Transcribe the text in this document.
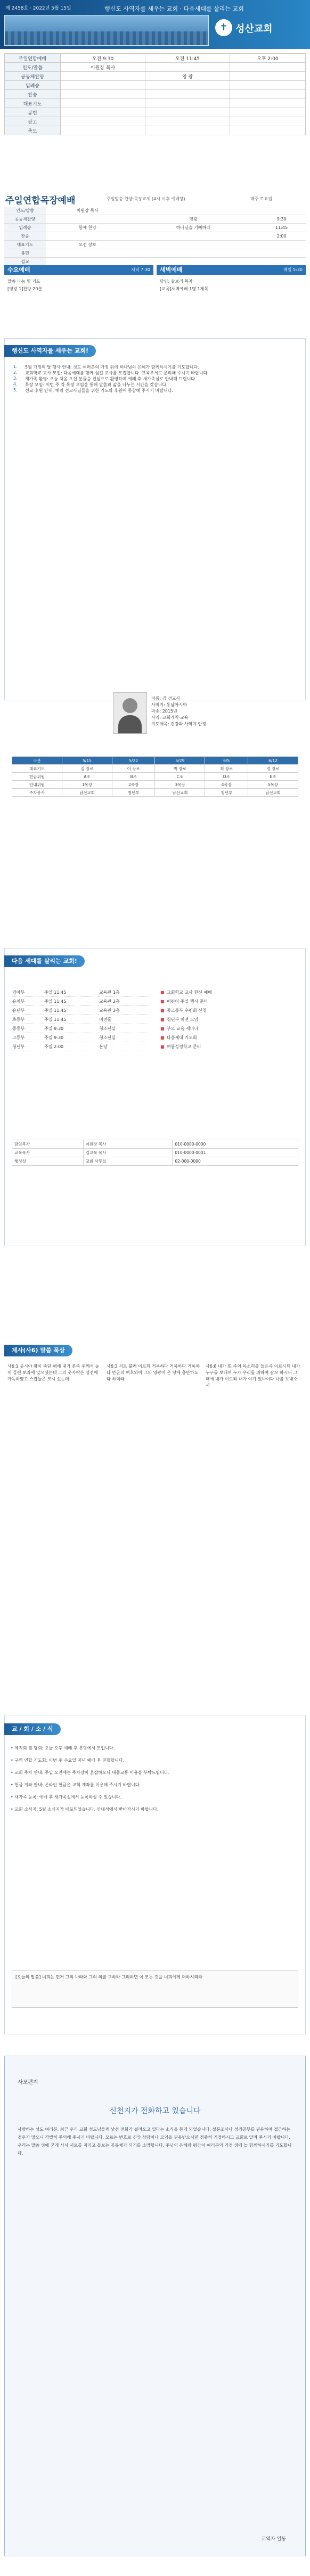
제 2458호 · 2022년 5월 15일	행신도 사역자를 세우는 교회 · 다음세대를 살리는 교회
✝ 성산교회
주일연합예배	오전 9:30	오전 11:45	오후 2:00
인도/말씀	이원장 목사		
공동체찬양		영 광	
입례송			
찬송			
대표기도			
봉헌			
광고			
축도			
주일연합목장예배	주일말씀·찬양·목장교제 (4시 이후 예배당)	매주 토요일
인도/말씀	이원장 목사		
공동체찬양		영광	9:30
입례송	함께 찬양	하나님을 기뻐하라	11:45
찬송			2:00
대표기도	오전 장로		
봉헌			
설교			
수요예배	저녁 7:30
말씀 나눔 및 기도
[영광 1]찬양 20분
새벽예배	매일 5:30
담임: 갈보리 목자
[교육]새벽예배 1명 1제목
행신도 사역자를 세우는 교회!
1.	5월 가정의 달 행사 안내: 성도 여러분의 가정 위에 하나님의 은혜가 함께하시기를 기도합니다.
2.	교회학교 교사 모집: 다음세대를 함께 섬길 교사를 모집합니다. 교육부서로 문의해 주시기 바랍니다.
3.	새가족 환영: 오늘 처음 오신 분들을 진심으로 환영하며 예배 후 새가족실로 안내해 드립니다.
4.	목장 모임: 이번 주 각 목장 모임을 통해 말씀과 삶을 나누는 시간을 갖습니다.
5.	선교 후원 안내: 해외 선교사님들을 위한 기도와 후원에 동참해 주시기 바랍니다.
이름: 김 선교사
사역지: 동남아시아
파송: 2015년
사역: 교회개척·교육
기도제목: 건강과 사역지 안정
구분	5/15	5/22	5/29	6/5	6/12
대표기도	김 장로	이 장로	박 장로	최 장로	정 장로
헌금위원	A조	B조	C조	D조	E조
안내위원	1목장	2목장	3목장	4목장	5목장
주차봉사	남선교회	청년부	남선교회	청년부	남선교회
다음 세대를 살리는 교회!
영아부	주일 11:45	교육관 1층
유치부	주일 11:45	교육관 2층
유년부	주일 11:45	교육관 3층
초등부	주일 11:45	비전홀
중등부	주일 9:30	청소년실
고등부	주일 9:30	청소년실
청년부	주일 2:00	본당
■	교회학교 교사 헌신 예배
■	어린이 주일 행사 준비
■	중고등부 수련회 신청
■	청년부 비전 모임
■	부모 교육 세미나
■	다음세대 기도회
■	여름성경학교 준비
담임목사	이원장 목사	010-0000-0000
교육목사	김교육 목사	010-0000-0001
행정실	교회 사무실	02-000-0000
제사(사6) 말씀 묵상
사6:1 웃시야 왕이 죽던 해에 내가 본즉 주께서 높이 들린 보좌에 앉으셨는데 그의 옷자락은 성전에 가득하였고 스랍들은 모셔 섰는데
사6:3 서로 불러 이르되 거룩하다 거룩하다 거룩하다 만군의 여호와여 그의 영광이 온 땅에 충만하도다 하더라
사6:8 내가 또 주의 목소리를 들은즉 이르시되 내가 누구를 보내며 누가 우리를 위하여 갈꼬 하시니 그 때에 내가 이르되 내가 여기 있나이다 나를 보내소서
교 / 회 / 소 / 식
• 제직회 및 당회: 오늘 오후 예배 후 본당에서 모입니다.
• 구역 연합 기도회: 이번 주 수요일 저녁 예배 후 진행합니다.
• 교회 주차 안내: 주일 오전에는 주차장이 혼잡하오니 대중교통 이용을 부탁드립니다.
• 헌금 계좌 안내: 온라인 헌금은 교회 계좌를 이용해 주시기 바랍니다.
• 새가족 등록: 예배 후 새가족실에서 등록하실 수 있습니다.
• 교회 소식지: 5월 소식지가 배포되었습니다. 안내석에서 받아가시기 바랍니다.
[오늘의 말씀] 너희는 먼저 그의 나라와 그의 의를 구하라 그리하면 이 모든 것을 너희에게 더하시리라
사모편지
신천지가 전화하고 있습니다
사랑하는 성도 여러분, 최근 우리 교회 성도님들께 낯선 전화가 걸려오고 있다는 소식을 듣게 되었습니다. 설문조사나 성경공부를 권유하며 접근하는 경우가 많으니 각별히 주의해 주시기 바랍니다. 모르는 번호로 신앙 상담이나 모임을 권유받으시면 정중히 거절하시고 교회로 알려 주시기 바랍니다. 우리는 말씀 위에 굳게 서서 서로를 지키고 돌보는 공동체가 되기를 소망합니다. 주님의 은혜와 평강이 여러분의 가정 위에 늘 함께하시기를 기도합니다.
교역자 일동
